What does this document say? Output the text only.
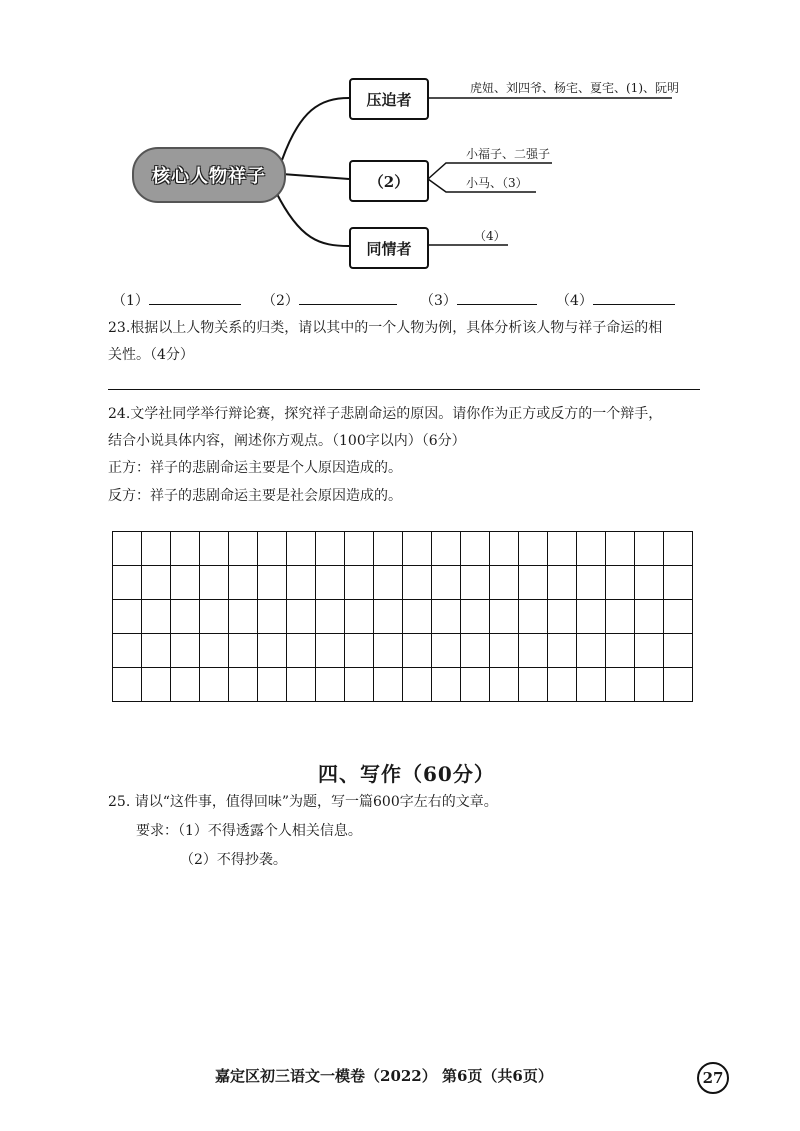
核心人物祥子
压迫者
（2）
同情者
虎妞、刘四爷、杨宅、夏宅、(1)、阮明
小福子、二强子
小马、（3）
（4）
（1）	（2）	（3）	（4）
23.根据以上人物关系的归类，请以其中的一个人物为例，具体分析该人物与祥子命运的相
关性。（4分）
24.文学社同学举行辩论赛，探究祥子悲剧命运的原因。请你作为正方或反方的一个辩手，
结合小说具体内容，阐述你方观点。（100字以内）（6分）
正方：祥子的悲剧命运主要是个人原因造成的。
反方：祥子的悲剧命运主要是社会原因造成的。
四、写作（60分）
25. 请以“这件事，值得回味”为题，写一篇600字左右的文章。
要求：（1）不得透露个人相关信息。
（2）不得抄袭。
嘉定区初三语文一模卷（2022） 第6页（共6页）	27
